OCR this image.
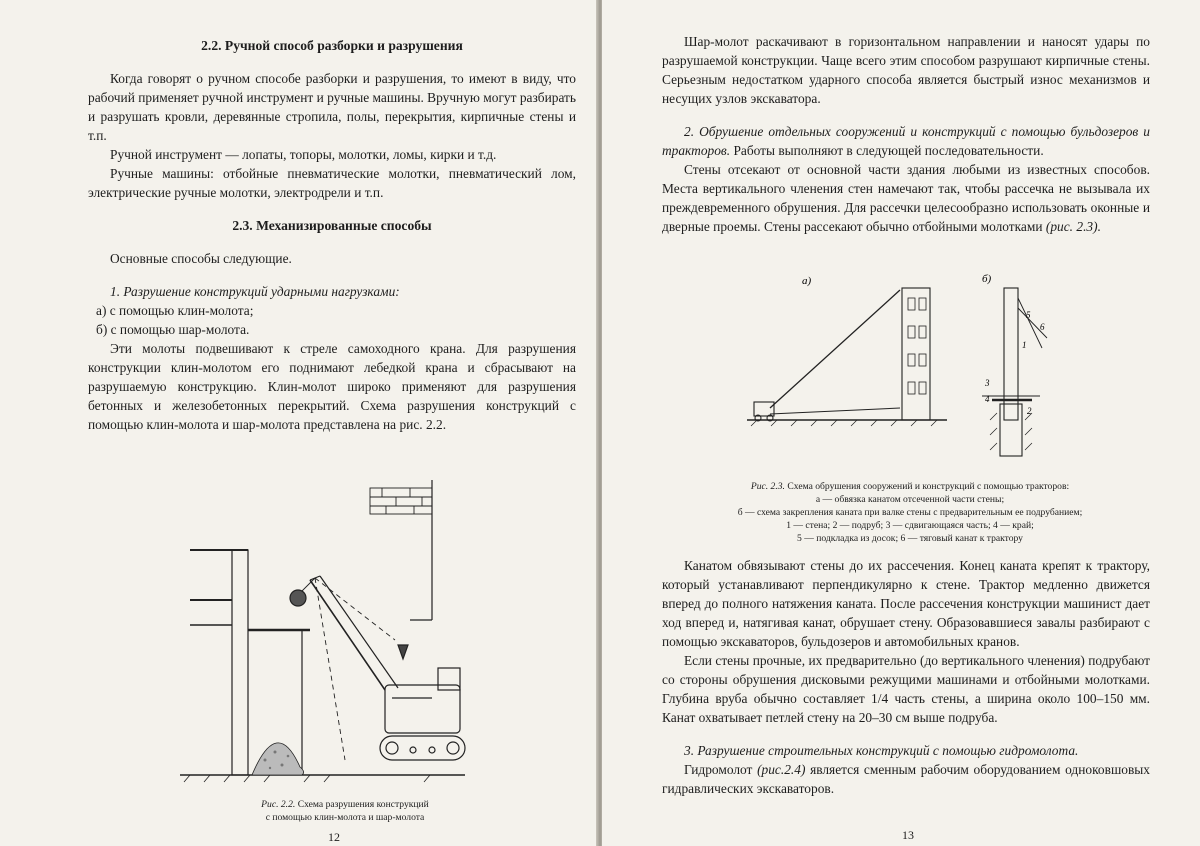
2.2. Ручной способ разборки и разрушения

Когда говорят о ручном способе разборки и разрушения, то имеют в виду, что рабочий применяет ручной инструмент и ручные машины. Вручную могут разбирать и разрушать кровли, деревянные стропила, полы, перекрытия, кирпичные стены и т.п.

Ручной инструмент — лопаты, топоры, молотки, ломы, кирки и т.д.

Ручные машины: отбойные пневматические молотки, пневматический лом, электрические ручные молотки, электродрели и т.п.

2.3. Механизированные способы

Основные способы следующие.

1. Разрушение конструкций ударными нагрузками:

а) с помощью клин-молота;

б) с помощью шар-молота.

Эти молоты подвешивают к стреле самоходного крана. Для разрушения конструкции клин-молотом его поднимают лебедкой крана и сбрасывают на разрушаемую конструкцию. Клин-молот широко применяют для разрушения бетонных и железобетонных перекрытий. Схема разрушения конструкций с помощью клин-молота и шар-молота представлена на рис. 2.2.

Рис. 2.2. Схема разрушения конструкций
с помощью клин-молота и шар-молота
12

Шар-молот раскачивают в горизонтальном направлении и наносят удары по разрушаемой конструкции. Чаще всего этим способом разрушают кирпичные стены. Серьезным недостатком ударного способа является быстрый износ механизмов и несущих узлов экскаватора.

2. Обрушение отдельных сооружений и конструкций с помощью бульдозеров и тракторов. Работы выполняют в следующей последовательности.

Стены отсекают от основной части здания любыми из известных способов. Места вертикального членения стен намечают так, чтобы рассечка не вызывала их преждевременного обрушения. Для рассечки целесообразно использовать оконные и дверные проемы. Стены рассекают обычно отбойными молотками (рис. 2.3).

а)	б)
1
2
3
4
5
6
Рис. 2.3. Схема обрушения сооружений и конструкций с помощью тракторов:
а — обвязка канатом отсеченной части стены;
б — схема закрепления каната при валке стены с предварительным ее подрубанием;
1 — стена; 2 — подруб; 3 — сдвигающаяся часть; 4 — край;
5 — подкладка из досок; 6 — тяговый канат к трактору

Канатом обвязывают стены до их рассечения. Конец каната крепят к трактору, который устанавливают перпендикулярно к стене. Трактор медленно движется вперед до полного натяжения каната. После рассечения конструкции машинист дает ход вперед и, натягивая канат, обрушает стену. Образовавшиеся завалы разбирают с помощью экскаваторов, бульдозеров и автомобильных кранов.

Если стены прочные, их предварительно (до вертикального членения) подрубают со стороны обрушения дисковыми режущими машинами и отбойными молотками. Глубина вруба обычно составляет 1/4 часть стены, а ширина около 100–150 мм. Канат охватывает петлей стену на 20–30 см выше подруба.

3. Разрушение строительных конструкций с помощью гидромолота.

Гидромолот (рис.2.4) является сменным рабочим оборудованием одноковшовых гидравлических экскаваторов.

13
